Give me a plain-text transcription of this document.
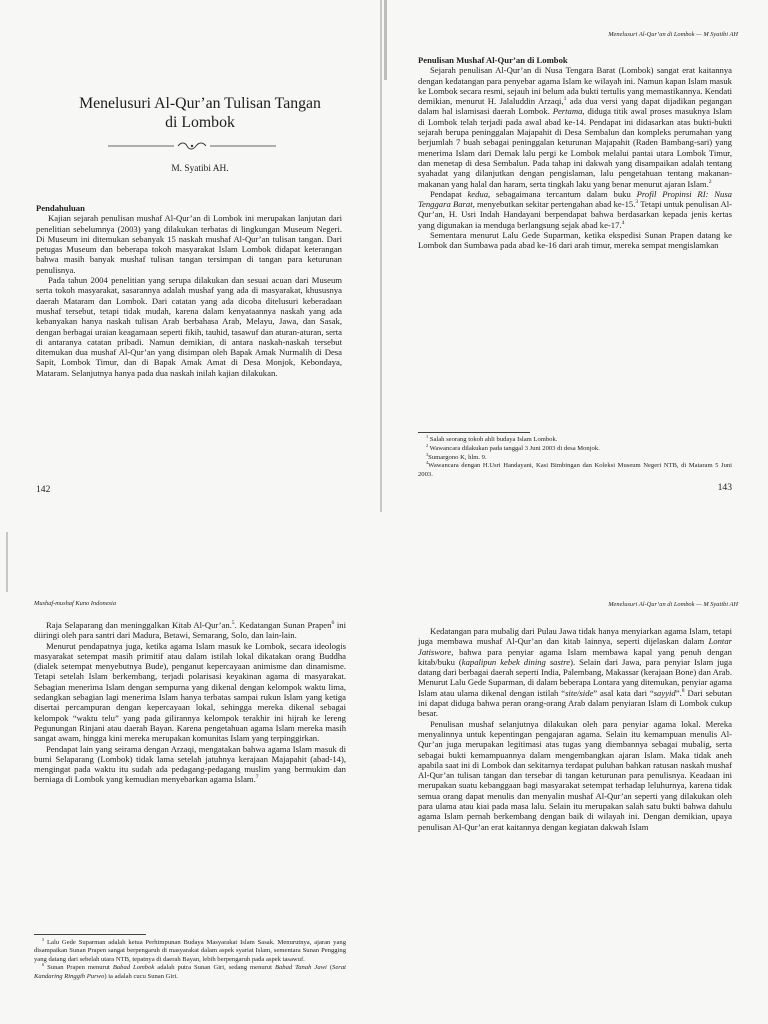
Menelusuri Al-Qur’an Tulisan Tangan
di Lombok
M. Syatibi AH.

Pendahuluan

Kajian sejarah penulisan mushaf Al-Qur’an di Lombok ini merupakan lanjutan dari penelitian sebelumnya (2003) yang dilakukan terbatas di lingkungan Museum Negeri. Di Museum ini ditemukan sebanyak 15 naskah mushaf Al-Qur’an tulisan tangan. Dari petugas Museum dan beberapa tokoh masyarakat Islam Lombok didapat keterangan bahwa masih banyak mushaf tulisan tangan tersimpan di tangan para keturunan penulisnya.

Pada tahun 2004 penelitian yang serupa dilakukan dan sesuai acuan dari Museum serta tokoh masyarakat, sasarannya adalah mushaf yang ada di masyarakat, khususnya daerah Mataram dan Lombok. Dari catatan yang ada dicoba ditelusuri keberadaan mushaf tersebut, tetapi tidak mudah, karena dalam kenyataannya naskah yang ada kebanyakan hanya naskah tulisan Arab berbahasa Arab, Melayu, Jawa, dan Sasak, dengan berbagai uraian keagamaan seperti fikih, tauhid, tasawuf dan aturan-aturan, serta di antaranya catatan pribadi. Namun demikian, di antara naskah-naskah tersebut ditemukan dua mushaf Al-Qur’an yang disimpan oleh Bapak Amak Nurmalih di Desa Sapit, Lombok Timur, dan di Bapak Amak Amat di Desa Monjok, Kebondaya, Mataram. Selanjutnya hanya pada dua naskah inilah kajian dilakukan.

142
Menelusuri Al-Qur’an di Lombok — M Syatibi AH

Penulisan Mushaf Al-Qur’an di Lombok

Sejarah penulisan Al-Qur’an di Nusa Tengara Barat (Lombok) sangat erat kaitannya dengan kedatangan para penyebar agama Islam ke wilayah ini. Namun kapan Islam masuk ke Lombok secara resmi, sejauh ini belum ada bukti tertulis yang memastikannya. Kendati demikian, menurut H. Jalaluddin Arzaqi,$^1$ ada dua versi yang dapat dijadikan pegangan dalam hal islamisasi daerah Lombok. Pertama, diduga titik awal proses masuknya Islam di Lombok telah terjadi pada awal abad ke-14. Pendapat ini didasarkan atas bukti-bukti sejarah berupa peninggalan Majapahit di Desa Sembalun dan kompleks perumahan yang berjumlah 7 buah sebagai peninggalan keturunan Majapahit (Raden Bambang-sari) yang menerima Islam dari Demak lalu pergi ke Lombok melalui pantai utara Lombok Timur, dan menetap di desa Sembalun. Pada tahap ini dakwah yang disampaikan adalah tentang syahadat yang dilanjutkan dengan pengislaman, lalu pengetahuan tentang makanan-makanan yang halal dan haram, serta tingkah laku yang benar menurut ajaran Islam.$^2$

Pendapat kedua, sebagaimana tercantum dalam buku Profil Propinsi RI: Nusa Tenggara Barat, menyebutkan sekitar pertengahan abad ke-15.$^3$ Tetapi untuk penulisan Al-Qur’an, H. Usri Indah Handayani berpendapat bahwa berdasarkan kepada jenis kertas yang digunakan ia menduga berlangsung sejak abad ke-17.$^4$

Sementara menurut Lalu Gede Suparman, ketika ekspedisi Sunan Prapen datang ke Lombok dan Sumbawa pada abad ke-16 dari arah timur, mereka sempat mengislamkan

$^1$ Salah seorang tokoh ahli budaya Islam Lombok.

$^2$ Wawancara dilakukan pada tanggal 3 Juni 2003 di desa Monjok.

$^3$Sumargono K, hlm. 9.

$^4$Wawancara dengan H.Usri Handayani, Kasi Bimbingan dan Koleksi Museum Negeri NTB, di Mataram 5 Juni 2003.

143
Mushaf-mushaf Kuno Indonesia

Raja Selaparang dan meninggalkan Kitab Al-Qur’an.$^5$. Kedatangan Sunan Prapen$^6$ ini diiringi oleh para santri dari Madura, Betawi, Semarang, Solo, dan lain-lain.

Menurut pendapatnya juga, ketika agama Islam masuk ke Lombok, secara ideologis masyarakat setempat masih primitif atau dalam istilah lokal dikatakan orang Buddha (dialek setempat menyebutnya Bude), penganut kepercayaan animisme dan dinamisme. Tetapi setelah Islam berkembang, terjadi polarisasi keyakinan agama di masyarakat. Sebagian menerima Islam dengan sempurna yang dikenal dengan kelompok waktu lima, sedangkan sebagian lagi menerima Islam hanya terbatas sampai rukun Islam yang ketiga disertai percampuran dengan kepercayaan lokal, sehingga mereka dikenal sebagai kelompok “waktu telu” yang pada gilirannya kelompok terakhir ini hijrah ke lereng Pegunungan Rinjani atau daerah Bayan. Karena pengetahuan agama Islam mereka masih sangat awam, hingga kini mereka merupakan komunitas Islam yang terpinggirkan.

Pendapat lain yang seirama dengan Arzaqi, mengatakan bahwa agama Islam masuk di bumi Selaparang (Lombok) tidak lama setelah jatuhnya kerajaan Majapahit (abad-14), mengingat pada waktu itu sudah ada pedagang-pedagang muslim yang bermukim dan berniaga di Lombok yang kemudian menyebarkan agama Islam.$^7$

$^5$ Lalu Gede Suparman adalah ketua Perhimpunan Budaya Masyarakat Islam Sasak. Menurutnya, ajaran yang disampaikan Sunan Prapen sangat berpengaruh di masyarakat dalam aspek syariat Islam, sementara Sunan Pengging yang datang dari sebelah utara NTB, tepatnya di daerah Bayan, lebih berpengaruh pada aspek tasawuf.

$^6$ Sunan Prapen menurut Babad Lombok adalah putra Sunan Giri, sedang menurut Babad Tanah Jawi (Serat Kandaring Ringgih Purwo) ia adalah cucu Sunan Giri.

Menelusuri Al-Qur’an di Lombok — M Syatibi AH

Kedatangan para mubalig dari Pulau Jawa tidak hanya menyiarkan agama Islam, tetapi juga membawa mushaf Al-Qur’an dan kitab lainnya, seperti dijelaskan dalam Lontar Jatiswore, bahwa para penyiar agama Islam membawa kapal yang penuh dengan kitab/buku (kapalipun kebek dining sastre). Selain dari Jawa, para penyiar Islam juga datang dari berbagai daerah seperti India, Palembang, Makassar (kerajaan Bone) dan Arab. Menurut Lalu Gede Suparman, di dalam beberapa Lontara yang ditemukan, penyiar agama Islam atau ulama dikenal dengan istilah “site/side” asal kata dari “sayyid”.$^8$ Dari sebutan ini dapat diduga bahwa peran orang-orang Arab dalam penyiaran Islam di Lombok cukup besar.

Penulisan mushaf selanjutnya dilakukan oleh para penyiar agama lokal. Mereka menyalinnya untuk kepentingan pengajaran agama. Selain itu kemampuan menulis Al-Qur’an juga merupakan legitimasi atas tugas yang diembannya sebagai mubalig, serta sebagai bukti kemampuannya dalam mengembangkan ajaran Islam. Maka tidak aneh apabila saat ini di Lombok dan sekitarnya terdapat puluhan bahkan ratusan naskah mushaf Al-Qur’an tulisan tangan dan tersebar di tangan keturunan para penulisnya. Keadaan ini merupakan suatu kebanggaan bagi masyarakat setempat terhadap leluhurnya, karena tidak semua orang dapat menulis dan menyalin mushaf Al-Qur’an seperti yang dilakukan oleh para ulama atau kiai pada masa lalu. Selain itu merupakan salah satu bukti bahwa dahulu agama Islam pernah berkembang dengan baik di wilayah ini. Dengan demikian, upaya penulisan Al-Qur’an erat kaitannya dengan kegiatan dakwah Islam
